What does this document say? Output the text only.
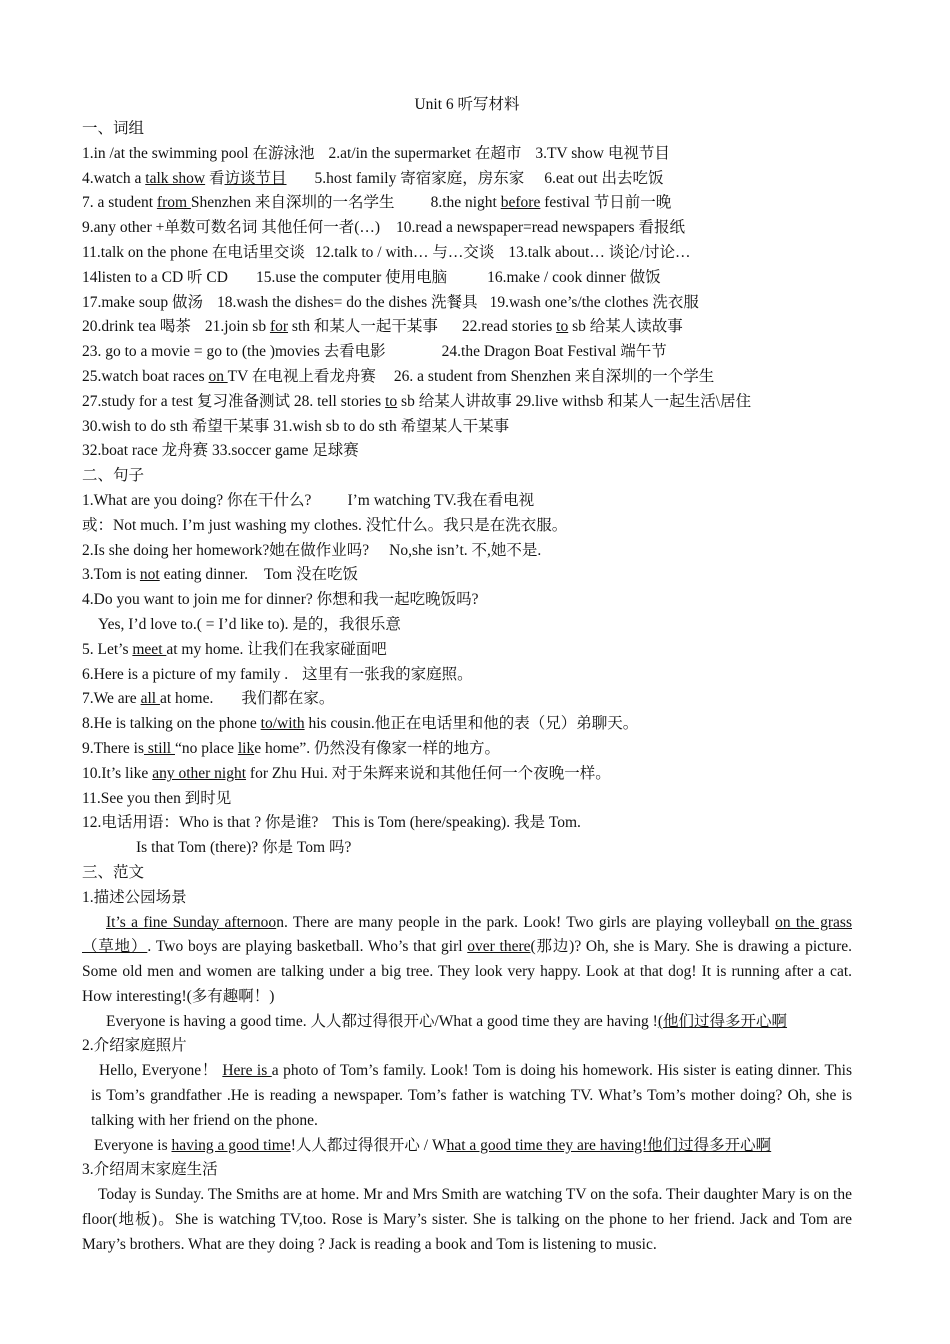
Unit 6 听写材料
一、词组
1.in /at the swimming pool 在游泳池 2.at/in the supermarket 在超市 3.TV show 电视节目
4.watch a talk show 看访谈节目 5.host family 寄宿家庭，房东家 6.eat out 出去吃饭
7. a student from Shenzhen 来自深圳的一名学生 8.the night before festival 节日前一晚
9.any other +单数可数名词 其他任何一者(…) 10.read a newspaper=read newspapers 看报纸
11.talk on the phone 在电话里交谈 12.talk to / with… 与…交谈 13.talk about… 谈论/讨论…
14listen to a CD 听 CD 15.use the computer 使用电脑	16.make / cook dinner 做饭
17.make soup 做汤 18.wash the dishes= do the dishes 洗餐具 19.wash one’s/the clothes 洗衣服
20.drink tea 喝茶 21.join sb for sth 和某人一起干某事 22.read stories to sb 给某人读故事
23. go to a movie = go to (the )movies 去看电影	24.the Dragon Boat Festival 端午节
25.watch boat races on TV 在电视上看龙舟赛 26. a student from Shenzhen 来自深圳的一个学生
27.study for a test 复习准备测试 28. tell stories to sb 给某人讲故事 29.live withsb 和某人一起生活\居住
30.wish to do sth 希望干某事 31.wish sb to do sth 希望某人干某事
32.boat race 龙舟赛 33.soccer game 足球赛
二、句子
1.What are you doing? 你在干什么? I’m watching TV.我在看电视
或：Not much. I’m just washing my clothes. 没忙什么。我只是在洗衣服。
2.Is she doing her homework?她在做作业吗? No,she isn’t. 不,她不是.
3.Tom is not eating dinner. Tom 没在吃饭
4.Do you want to join me for dinner? 你想和我一起吃晚饭吗?
Yes, I’d love to.( = I’d like to). 是的，我很乐意
5. Let’s meet at my home. 让我们在我家碰面吧
6.Here is a picture of my family . 这里有一张我的家庭照。
7.We are all at home. 我们都在家。
8.He is talking on the phone to/with his cousin.他正在电话里和他的表（兄）弟聊天。
9.There is still “no place like home”. 仍然没有像家一样的地方。
10.It’s like any other night for Zhu Hui. 对于朱辉来说和其他任何一个夜晚一样。
11.See you then 到时见
12.电话用语：Who is that ? 你是谁? This is Tom (here/speaking). 我是 Tom.
Is that Tom (there)? 你是 Tom 吗?
三、范文
1.描述公园场景

It’s a fine Sunday afternoon. There are many people in the park. Look! Two girls are playing volleyball on the grass（草地）. Two boys are playing basketball. Who’s that girl over there(那边)? Oh, she is Mary. She is drawing a picture. Some old men and women are talking under a big tree. They look very happy. Look at that dog! It is running after a cat. How interesting!(多有趣啊！)

Everyone is having a good time. 人人都过得很开心/What a good time they are having !(他们过得多开心啊

2.介绍家庭照片

Hello, Everyone！ Here is a photo of Tom’s family. Look! Tom is doing his homework. His sister is eating dinner. This is Tom’s grandfather .He is reading a newspaper. Tom’s father is watching TV. What’s Tom’s mother doing? Oh, she is talking with her friend on the phone.

Everyone is having a good time!人人都过得很开心 / What a good time they are having!他们过得多开心啊

3.介绍周末家庭生活

Today is Sunday. The Smiths are at home. Mr and Mrs Smith are watching TV on the sofa. Their daughter Mary is on the floor(地板)。She is watching TV,too. Rose is Mary’s sister. She is talking on the phone to her friend. Jack and Tom are Mary’s brothers. What are they doing ? Jack is reading a book and Tom is listening to music.
